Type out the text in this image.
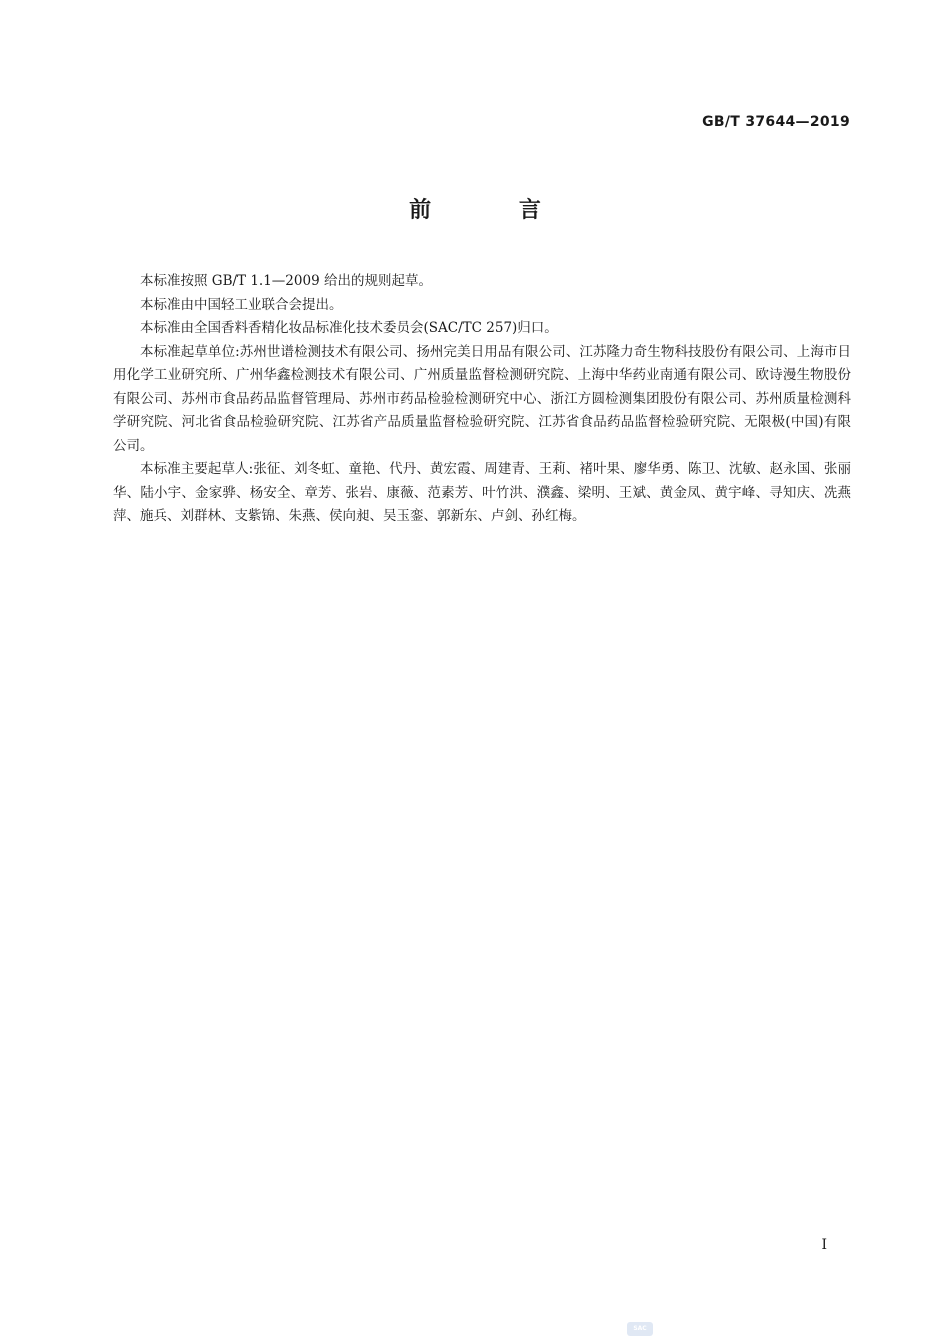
GB/T 37644—2019
前 言

本标准按照 GB/T 1.1—2009 给出的规则起草。

本标准由中国轻工业联合会提出。

本标准由全国香料香精化妆品标准化技术委员会(SAC/TC 257)归口。

本标准起草单位:苏州世谱检测技术有限公司、扬州完美日用品有限公司、江苏隆力奇生物科技股份有限公司、上海市日用化学工业研究所、广州华鑫检测技术有限公司、广州质量监督检测研究院、上海中华药业南通有限公司、欧诗漫生物股份有限公司、苏州市食品药品监督管理局、苏州市药品检验检测研究中心、浙江方圆检测集团股份有限公司、苏州质量检测科学研究院、河北省食品检验研究院、江苏省产品质量监督检验研究院、江苏省食品药品监督检验研究院、无限极(中国)有限公司。

本标准主要起草人:张征、刘冬虹、童艳、代丹、黄宏霞、周建青、王莉、褚叶果、廖华勇、陈卫、沈敏、赵永国、张丽华、陆小宇、金家骅、杨安全、章芳、张岩、康薇、范素芳、叶竹洪、濮鑫、梁明、王斌、黄金凤、黄宇峰、寻知庆、冼燕萍、施兵、刘群林、支紫锦、朱燕、侯向昶、吴玉銮、郭新东、卢剑、孙红梅。

I
SAC
